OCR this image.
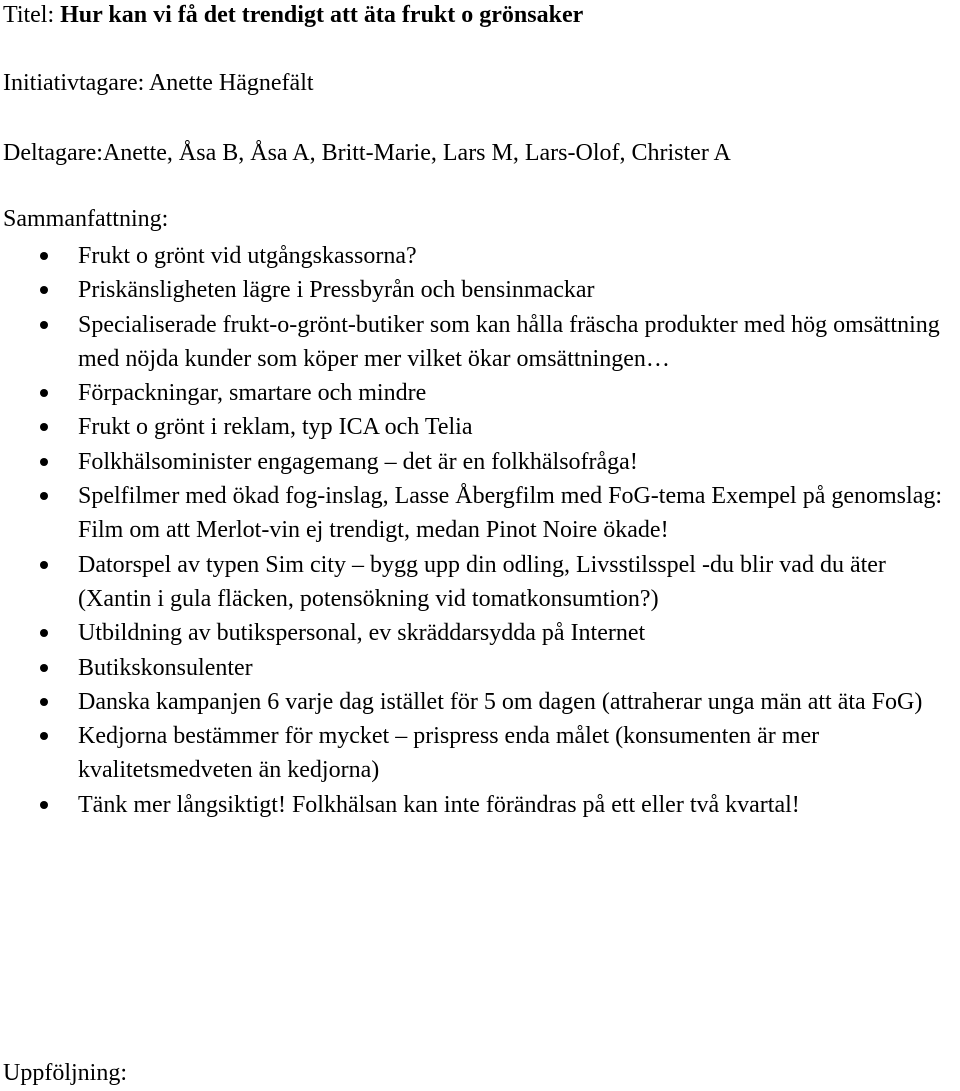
Titel: Hur kan vi få det trendigt att äta frukt o grönsaker
Initiativtagare: Anette Hägnefält
Deltagare:Anette, Åsa B, Åsa A, Britt-Marie, Lars M, Lars-Olof, Christer A
Sammanfattning:
Frukt o grönt vid utgångskassorna?
Priskänsligheten lägre i Pressbyrån och bensinmackar
Specialiserade frukt-o-grönt-butiker som kan hålla fräscha produkter med hög omsättning med nöjda kunder som köper mer vilket ökar omsättningen…
Förpackningar, smartare och mindre
Frukt o grönt i reklam, typ ICA och Telia
Folkhälsominister engagemang – det är en folkhälsofråga!
Spelfilmer med ökad fog-inslag, Lasse Åbergfilm med FoG-tema Exempel på genomslag: Film om att Merlot-vin ej trendigt, medan Pinot Noire ökade!
Datorspel av typen Sim city – bygg upp din odling, Livsstilsspel -du blir vad du äter (Xantin i gula fläcken, potensökning vid tomatkonsumtion?)
Utbildning av butikspersonal, ev skräddarsydda på Internet
Butikskonsulenter
Danska kampanjen 6 varje dag istället för 5 om dagen (attraherar unga män att äta FoG)
Kedjorna bestämmer för mycket – prispress enda målet (konsumenten är mer kvalitetsmedveten än kedjorna)
Tänk mer långsiktigt! Folkhälsan kan inte förändras på ett eller två kvartal!
Uppföljning:
